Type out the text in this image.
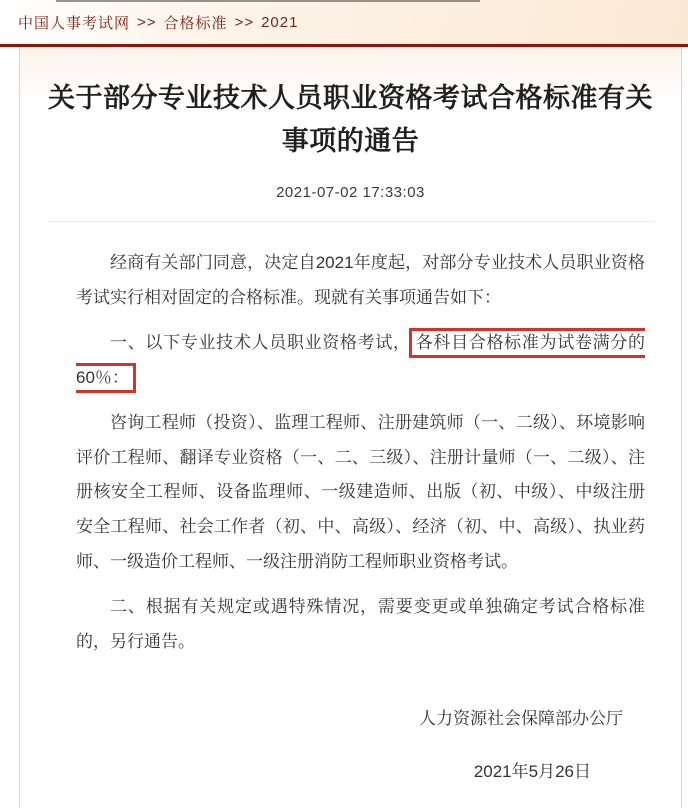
中国人事考试网 >> 合格标准 >> 2021
关于部分专业技术人员职业资格考试合格标准有关事项的通告
2021-07-02 17:33:03

经商有关部门同意，决定自2021年度起，对部分专业技术人员职业资格考试实行相对固定的合格标准。现就有关事项通告如下：

一、以下专业技术人员职业资格考试， 各科目合格标准为试卷满分的60％：

咨询工程师（投资）、监理工程师、注册建筑师（一、二级）、环境影响评价工程师、翻译专业资格（一、二、三级）、注册计量师（一、二级）、注册核安全工程师、设备监理师、一级建造师、出版（初、中级）、中级注册安全工程师、社会工作者（初、中、高级）、经济（初、中、高级）、执业药师、一级造价工程师、一级注册消防工程师职业资格考试。

二、根据有关规定或遇特殊情况，需要变更或单独确定考试合格标准的，另行通告。

人力资源社会保障部办公厅
2021年5月26日
